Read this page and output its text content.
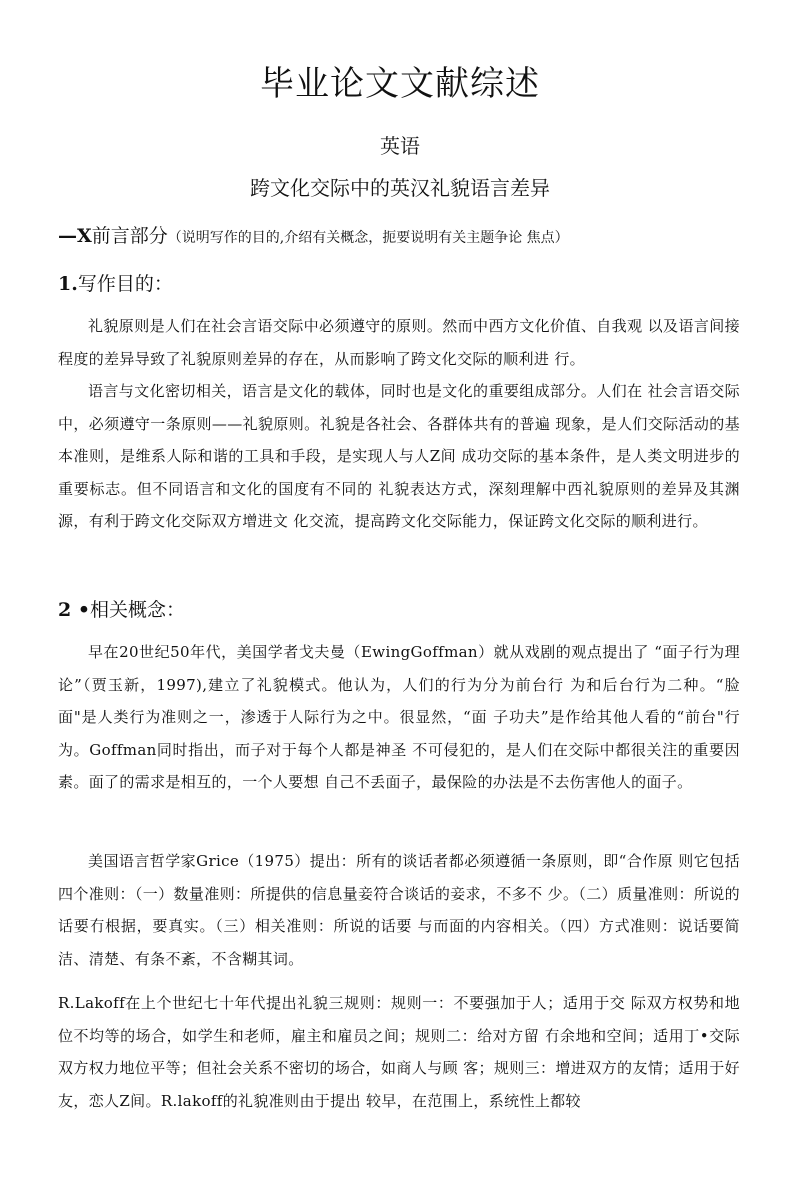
毕业论文文献综述
英语
跨文化交际中的英汉礼貌语言差异
—X前言部分（说明写作的目的,介绍有关概念，扼要说明有关主题争论 焦点）
1.写作目的：

礼貌原则是人们在社会言语交际中必须遵守的原则。然而中西方文化价值、自我观 以及语言间接程度的差异导致了礼貌原则差异的存在，从而影响了跨文化交际的顺利进 行。

语言与文化密切相关，语言是文化的载体，同时也是文化的重要组成部分。人们在 社会言语交际中，必须遵守一条原则——礼貌原则。礼貌是各社会、各群体共有的普遍 现象，是人们交际活动的基本准则，是维系人际和谐的工具和手段，是实现人与人Z间 成功交际的基本条件，是人类文明进步的重要标志。但不同语言和文化的国度有不同的 礼貌表达方式，深刻理解中西礼貌原则的差异及其渊源，有利于跨文化交际双方增进文 化交流，提高跨文化交际能力，保证跨文化交际的顺利进行。

2 •相关概念：

早在20世纪50年代，美国学者戈夫曼（EwingGoffman）就从戏剧的观点提出了 “面子行为理论”（贾玉新，1997),建立了礼貌模式。他认为，人们的行为分为前台行 为和后台行为二种。“脸面"是人类行为准则之一，渗透于人际行为之中。很显然，“面 子功夫”是作给其他人看的“前台"行为。Goffman同时指出，而子对于每个人都是神圣 不可侵犯的，是人们在交际中都很关注的重要因素。面了的需求是相互的，一个人要想 自己不丢面子，最保险的办法是不去伤害他人的面子。

美国语言哲学家Grice（1975）提出：所有的谈话者都必须遵循一条原则，即“合作原 则它包括四个准则：（一）数量准则：所提供的信息量妾符合谈话的妾求，不多不 少。（二）质量准则：所说的话要冇根据，要真实。（三）相关准则：所说的话要 与而面的内容相关。（四）方式准则：说话要简洁、清楚、有条不紊，不含糊其词。

R.Lakoff在上个世纪七十年代提出礼貌三规则：规则一：不要强加于人；适用于交 际双方权势和地位不均等的场合，如学生和老师，雇主和雇员之间；规则二：给对方留 冇余地和空间；适用丁•交际双方权力地位平等；但社会关系不密切的场合，如商人与顾 客；规则三：增进双方的友情；适用于好友，恋人Z间。R.lakoff的礼貌准则由于提出 较早，在范围上，系统性上都较
